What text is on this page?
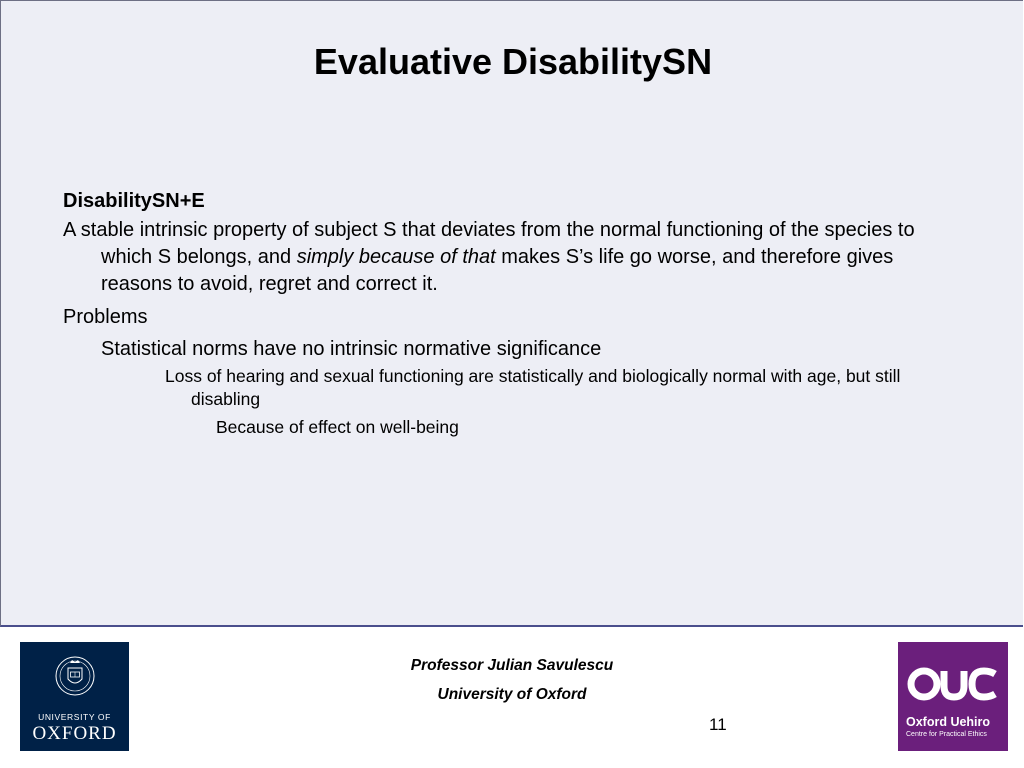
Evaluative DisabilitySN
DisabilitySN+E
A stable intrinsic property of subject S that deviates from the normal functioning of the species to which S belongs, and simply because of that makes S’s life go worse, and therefore gives reasons to avoid, regret and correct it.
Problems
Statistical norms have no intrinsic normative significance
Loss of hearing and sexual functioning are statistically and biologically normal with age, but still disabling
Because of effect on well-being
UNIVERSITY OF
OXFORD
Professor Julian Savulescu
University of Oxford
11	Oxford Uehiro
Centre for Practical Ethics
